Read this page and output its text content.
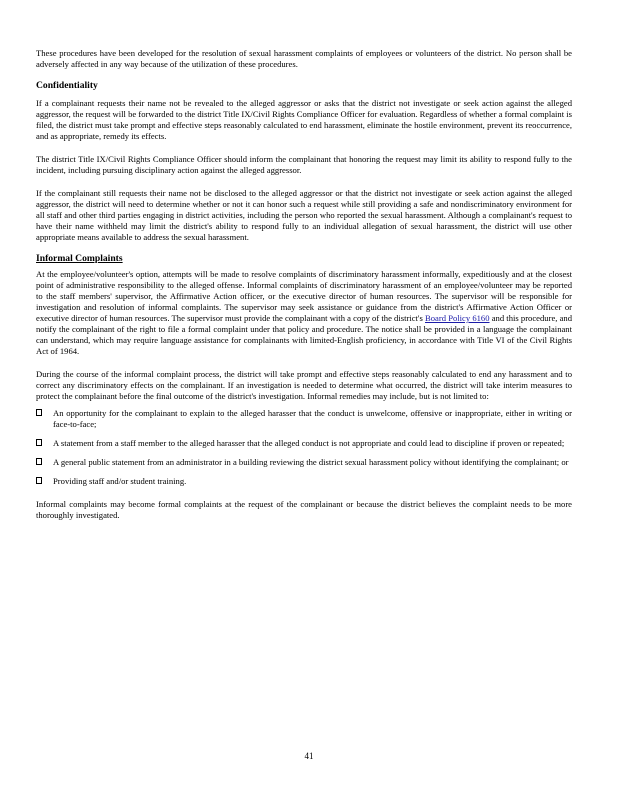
These procedures have been developed for the resolution of sexual harassment complaints of employees or volunteers of the district. No person shall be adversely affected in any way because of the utilization of these procedures.

Confidentiality

If a complainant requests their name not be revealed to the alleged aggressor or asks that the district not investigate or seek action against the alleged aggressor, the request will be forwarded to the district Title IX/Civil Rights Compliance Officer for evaluation. Regardless of whether a formal complaint is filed, the district must take prompt and effective steps reasonably calculated to end harassment, eliminate the hostile environment, prevent its reoccurrence, and as appropriate, remedy its effects.

The district Title IX/Civil Rights Compliance Officer should inform the complainant that honoring the request may limit its ability to respond fully to the incident, including pursuing disciplinary action against the alleged aggressor.

If the complainant still requests their name not be disclosed to the alleged aggressor or that the district not investigate or seek action against the alleged aggressor, the district will need to determine whether or not it can honor such a request while still providing a safe and nondiscriminatory environment for all staff and other third parties engaging in district activities, including the person who reported the sexual harassment. Although a complainant's request to have their name withheld may limit the district's ability to respond fully to an individual allegation of sexual harassment, the district will use other appropriate means available to address the sexual harassment.

Informal Complaints

At the employee/volunteer's option, attempts will be made to resolve complaints of discriminatory harassment informally, expeditiously and at the closest point of administrative responsibility to the alleged offense. Informal complaints of discriminatory harassment of an employee/volunteer may be reported to the staff members' supervisor, the Affirmative Action officer, or the executive director of human resources. The supervisor will be responsible for investigation and resolution of informal complaints. The supervisor may seek assistance or guidance from the district's Affirmative Action Officer or executive director of human resources. The supervisor must provide the complainant with a copy of the district's Board Policy 6160 and this procedure, and notify the complainant of the right to file a formal complaint under that policy and procedure. The notice shall be provided in a language the complainant can understand, which may require language assistance for complainants with limited-English proficiency, in accordance with Title VI of the Civil Rights Act of 1964.

During the course of the informal complaint process, the district will take prompt and effective steps reasonably calculated to end any harassment and to correct any discriminatory effects on the complainant. If an investigation is needed to determine what occurred, the district will take interim measures to protect the complainant before the final outcome of the district's investigation. Informal remedies may include, but is not limited to:

An opportunity for the complainant to explain to the alleged harasser that the conduct is unwelcome, offensive or inappropriate, either in writing or face-to-face;
A statement from a staff member to the alleged harasser that the alleged conduct is not appropriate and could lead to discipline if proven or repeated;
A general public statement from an administrator in a building reviewing the district sexual harassment policy without identifying the complainant; or
Providing staff and/or student training.

Informal complaints may become formal complaints at the request of the complainant or because the district believes the complaint needs to be more thoroughly investigated.

41
